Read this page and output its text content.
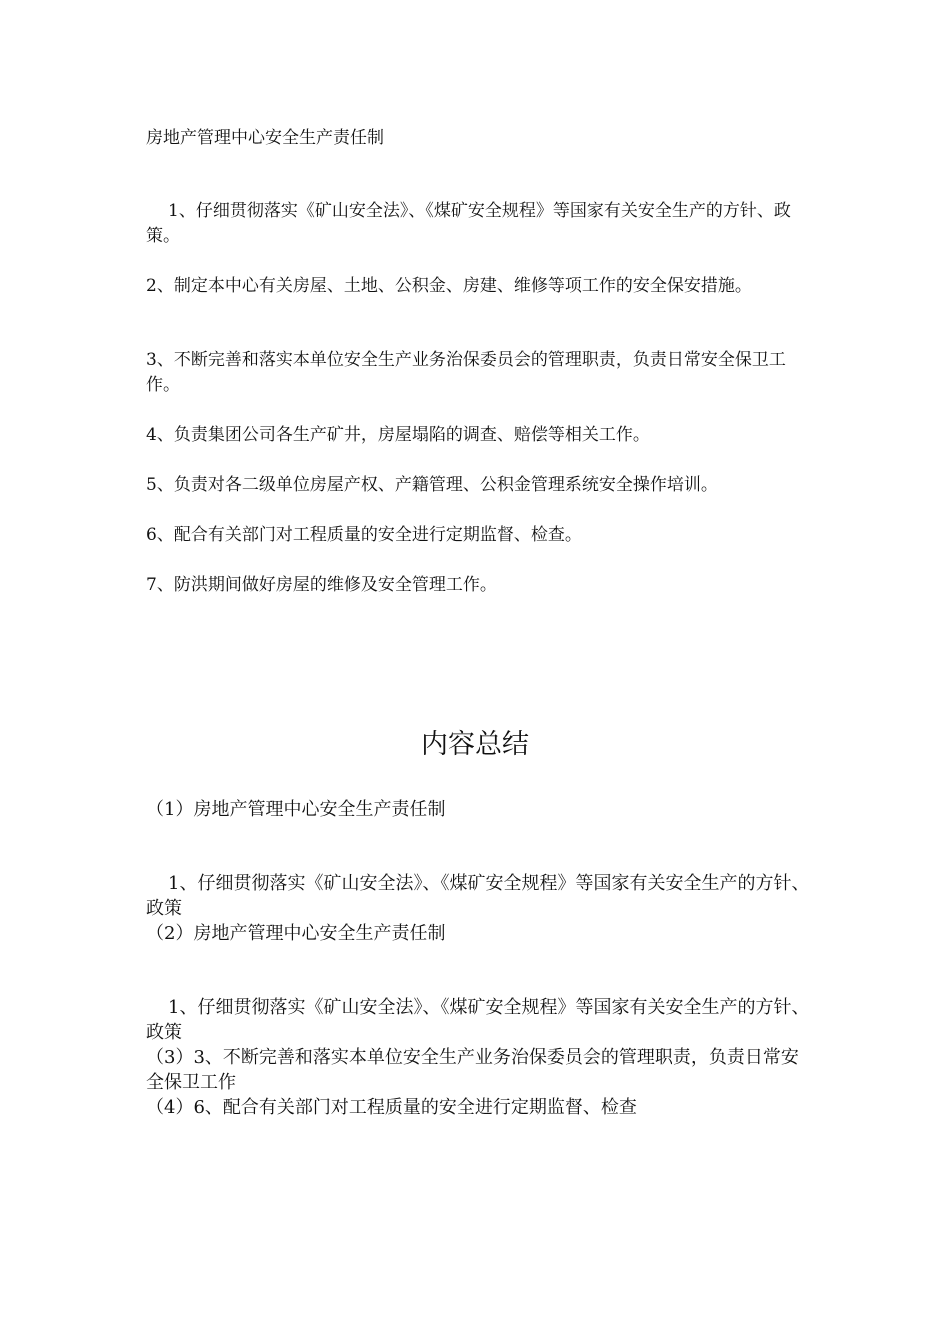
房地产管理中心安全生产责任制

1、仔细贯彻落实《矿山安全法》、《煤矿安全规程》等国家有关安全生产的方针、政策。

2、制定本中心有关房屋、土地、公积金、房建、维修等项工作的安全保安措施。

3、不断完善和落实本单位安全生产业务治保委员会的管理职责，负责日常安全保卫工作。

4、负责集团公司各生产矿井，房屋塌陷的调查、赔偿等相关工作。

5、负责对各二级单位房屋产权、产籍管理、公积金管理系统安全操作培训。

6、配合有关部门对工程质量的安全进行定期监督、检查。

7、防洪期间做好房屋的维修及安全管理工作。

内容总结

（1）房地产管理中心安全生产责任制

1、仔细贯彻落实《矿山安全法》、《煤矿安全规程》等国家有关安全生产的方针、政策

（2）房地产管理中心安全生产责任制

1、仔细贯彻落实《矿山安全法》、《煤矿安全规程》等国家有关安全生产的方针、政策

（3）3、不断完善和落实本单位安全生产业务治保委员会的管理职责，负责日常安全保卫工作

（4）6、配合有关部门对工程质量的安全进行定期监督、检查
